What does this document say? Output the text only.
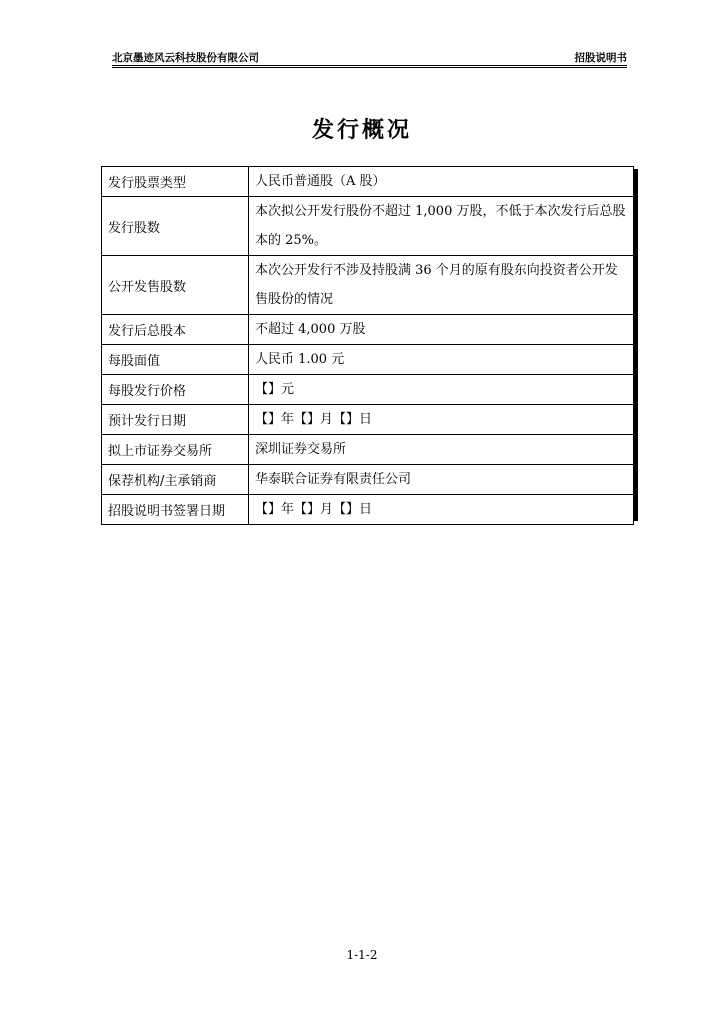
北京墨迹风云科技股份有限公司	招股说明书
发行概况
发行股票类型	人民币普通股（A 股）
发行股数	本次拟公开发行股份不超过 1,000 万股，不低于本次发行后总股本的 25%。
公开发售股数	本次公开发行不涉及持股满 36 个月的原有股东向投资者公开发售股份的情况
发行后总股本	不超过 4,000 万股
每股面值	人民币 1.00 元
每股发行价格	【】元
预计发行日期	【】年【】月【】日
拟上市证券交易所	深圳证券交易所
保荐机构/主承销商	华泰联合证券有限责任公司
招股说明书签署日期	【】年【】月【】日
1-1-2
